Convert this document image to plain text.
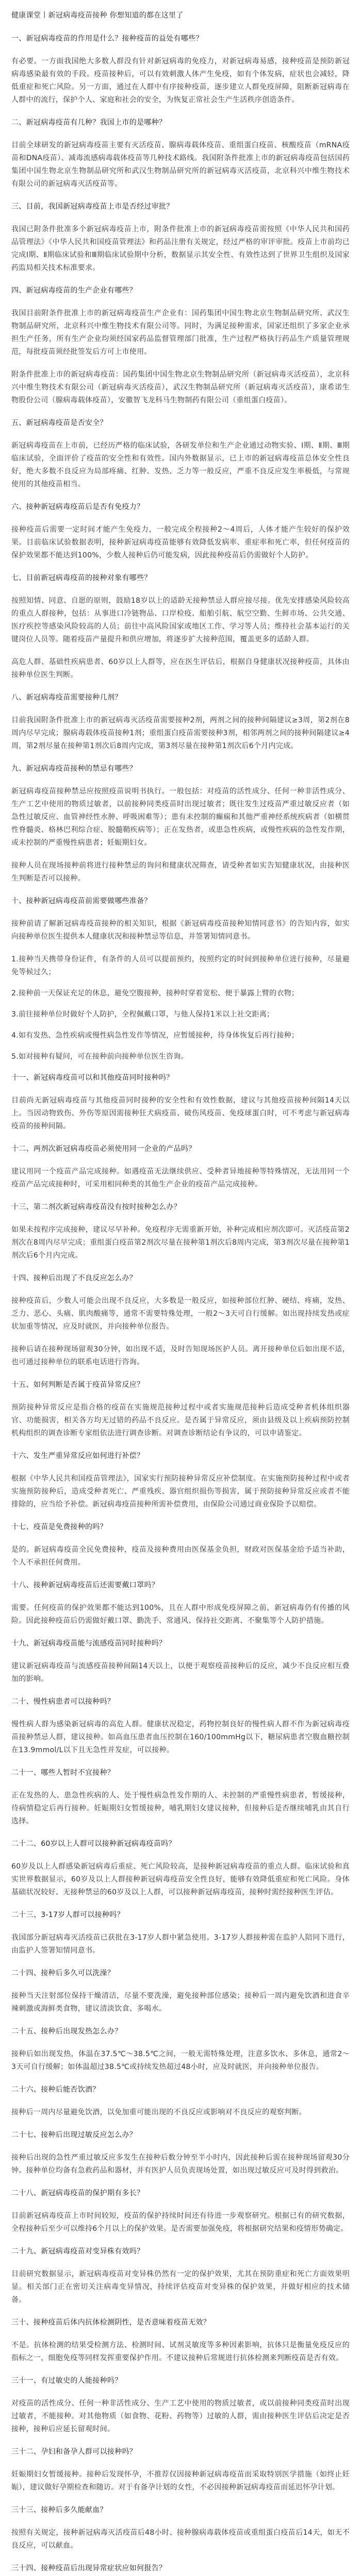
健康课堂丨新冠病毒疫苗接种 你想知道的都在这里了

一、新冠病毒疫苗的作用是什么？接种疫苗的益处有哪些？

有必要。一方面我国绝大多数人群没有针对新冠病毒的免疫力，对新冠病毒易感，接种疫苗是预防新冠病毒感染最有效的手段。疫苗接种后，可以有效刺激人体产生免疫，如有个体发病，症状也会减轻，降低重症和死亡风险。另一方面，通过在人群中有序接种疫苗，逐步建立人群免疫屏障，阻断新冠病毒在人群中的流行，保护个人、家庭和社会的安全，为恢复正常社会生产生活秩序创造条件。

二、新冠病毒疫苗有几种？我国上市的是哪种？

目前全球研发的新冠病毒疫苗主要有灭活疫苗、腺病毒载体疫苗、重组蛋白疫苗、核酸疫苗（mRNA疫苗和DNA疫苗）、减毒流感病毒载体疫苗等几种技术路线。我国附条件批准上市的新冠病毒疫苗包括国药集团中国生物北京生物制品研究所和武汉生物制品研究所的新冠病毒灭活疫苗，北京科兴中维生物技术有限公司的新冠病毒灭活疫苗等。

三、目前，我国新冠病毒疫苗上市是否经过审批？

我国已附条件批准多个新冠病毒疫苗上市，附条件批准上市的新冠病毒疫苗需按照《中华人民共和国药品管理法》《中华人民共和国疫苗管理法》和药品注册有关规定，经过严格的审评审批。疫苗上市前均已完成Ⅰ期、Ⅱ期临床试验和Ⅲ期临床试验期中分析，数据显示其安全性、有效性达到了世界卫生组织及国家药监局相关技术标准要求。

四、新冠病毒疫苗的生产企业有哪些？

我国目前附条件批准上市的新冠病毒疫苗生产企业有：国药集团中国生物北京生物制品研究所、武汉生物制品研究所，北京科兴中维生物技术有限公司等。同时，为满足接种需求，国家还组织了多家企业承担生产任务，所有生产企业均须经国家药品监督管理部门批准，生产过程严格执行药品生产质量管理规范，每批疫苗须经批签发后方可上市使用。

附条件批准上市的新冠病毒疫苗：国药集团中国生物北京生物制品研究所（新冠病毒灭活疫苗），北京科兴中维生物技术有限公司（新冠病毒灭活疫苗），武汉生物制品研究所（新冠病毒灭活疫苗），康希诺生物股份公司（腺病毒载体疫苗），安徽智飞龙科马生物制药有限公司（重组蛋白疫苗）。

五、新冠病毒疫苗是否安全？

新冠病毒疫苗在上市前，已经历严格的临床试验，各研发单位和生产企业通过动物实验、Ⅰ期、Ⅱ期、Ⅲ期临床试验，全面评价了疫苗的安全性和有效性。国内外数据显示，已上市的新冠病毒疫苗总体安全性良好，绝大多数不良反应为局部疼痛、红肿、发热、乏力等一般反应，严重不良反应发生率极低，与常规使用的其他疫苗相当。

六、接种新冠病毒疫苗后是否有免疫力？

接种疫苗后需要一定时间才能产生免疫力，一般完成全程接种2～4周后，人体才能产生较好的保护效果。目前临床试验数据表明，接种新冠病毒疫苗能够有效降低发病率、重症率和死亡率，但任何疫苗的保护效果都不能达到100%，少数人接种后仍可能发病，因此接种疫苗后仍需做好个人防护。

七、目前新冠病毒疫苗的接种对象有哪些？

按照知情、同意、自愿的原则，鼓励18岁以上的适龄无接种禁忌人群应接尽接。优先安排感染风险较高的重点人群接种，包括：从事进口冷链物品、口岸检疫、船舶引航、航空空勤、生鲜市场、公共交通、医疗疾控等感染风险较高的人员；前往中高风险国家或地区工作、学习等人员；维持社会基本运行的关键岗位人员等。随着疫苗产量提升和供应增加，将逐步扩大接种范围，覆盖更多的适龄人群。

高危人群、基础性疾病患者、60岁以上人群等，应在医生评估后，根据自身健康状况接种疫苗，具体由接种单位医生判断。

八、新冠病毒疫苗需要接种几剂？

目前我国附条件批准上市的新冠病毒灭活疫苗需要接种2剂，两剂之间的接种间隔建议≥3周，第2剂在8周内尽早完成；腺病毒载体疫苗接种1剂；重组蛋白疫苗需要接种3剂，相邻两剂之间的接种间隔建议≥4周，第2剂尽量在接种第1剂次后8周内完成，第3剂尽量在接种第1剂次后6个月内完成。

九、新冠病毒疫苗接种的禁忌有哪些？

新冠病毒疫苗接种禁忌应按照疫苗说明书执行。一般包括：对疫苗的活性成分、任何一种非活性成分、生产工艺中使用的物质过敏者，以前接种同类疫苗时出现过敏者；既往发生过疫苗严重过敏反应者（如急性过敏反应、血管神经性水肿、呼吸困难等）；患有未控制的癫痫和其他严重神经系统疾病者（如横贯性脊髓炎、格林巴利综合症、脱髓鞘疾病等）；正在发热者，或患急性疾病，或慢性疾病的急性发作期，或未控制的严重慢性病患者；妊娠期妇女。

接种人员在现场接种前将进行接种禁忌的询问和健康状况筛查，请受种者如实告知健康状况，由接种医生判断是否可以接种。

十、接种新冠病毒疫苗前需要做哪些准备？

接种前请了解新冠病毒疫苗接种的相关知识，根据《新冠病毒疫苗接种知情同意书》的告知内容，如实向接种单位医生提供本人健康状况和接种禁忌等信息，并签署知情同意书。

1.接种当天携带身份证件，有条件的人员可以提前预约，按照约定的时间到接种单位进行接种，尽量避免等候过久；

2.接种前一天保证充足的休息，避免空腹接种，接种时穿着宽松、便于暴露上臂的衣物；

3.前往接种单位时做好个人防护，全程佩戴口罩，与他人保持1米以上社交距离；

4.如有发热、急性疾病或慢性病急性发作等情况，应暂缓接种，待身体恢复后再行接种；

5.如对接种有疑问，可在接种前向接种单位医生咨询。

十一、新冠病毒疫苗可以和其他疫苗同时接种吗？

目前尚无新冠病毒疫苗与其他疫苗同时接种的安全性和有效性数据，建议与其他疫苗接种间隔14天以上。当因动物致伤、外伤等原因需接种狂犬病疫苗、破伤风疫苗、免疫球蛋白时，可不考虑与新冠病毒疫苗的接种间隔。

十二、两剂次新冠病毒疫苗必须使用同一企业的产品吗？

建议用同一个疫苗产品完成接种。如遇疫苗无法继续供应、受种者异地接种等特殊情况，无法用同一个疫苗产品完成接种时，可采用相同种类的其他生产企业的疫苗产品完成接种。

十三、第二剂次新冠病毒疫苗没有按时接种怎么办？

如果未按程序完成接种，建议尽早补种。免疫程序无需重新开始，补种完成相应剂次即可。灭活疫苗第2剂次在8周内尽早完成；重组蛋白疫苗第2剂次尽量在接种第1剂次后8周内完成，第3剂次尽量在接种第1剂次后6个月内完成。

十四、接种后出现了不良反应怎么办？

接种疫苗后，少数人可能会出现不良反应，大多数是一般反应，如接种部位红肿、硬结、疼痛，发热、乏力、恶心、头痛、肌肉酸痛等，通常不需要特殊处理，一般2～3天可自行缓解。如出现持续发热或症状加重等情况，应及时就医，并向接种单位报告。

接种后请在接种现场留观30分钟，如出现不适，及时告知现场医护人员。离开接种单位后如出现不适，也可通过接种单位的联系电话进行咨询。

十五、如何判断是否属于疫苗异常反应？

预防接种异常反应是指合格的疫苗在实施规范接种过程中或者实施规范接种后造成受种者机体组织器官、功能损害，相关各方均无过错的药品不良反应。是否属于异常反应，须由县级及以上疾病预防控制机构组织的调查诊断专家组依法进行调查诊断。对调查诊断结论有争议的，可以申请鉴定。

十六、发生严重异常反应如何进行补偿？

根据《中华人民共和国疫苗管理法》，国家实行预防接种异常反应补偿制度。在实施预防接种过程中或者实施预防接种后，造成受种者死亡、严重残疾、器官组织损伤等损害，属于预防接种异常反应或者不能排除的，应当给予补偿。新冠病毒疫苗接种所需补偿费用，由保险公司通过商业保险予以赔偿。

十七、疫苗是免费接种的吗？

是的。新冠病毒疫苗全民免费接种，疫苗及接种费用由医保基金负担，财政对医保基金给予适当补助，个人不承担任何费用。

十八、接种新冠病毒疫苗后还需要戴口罩吗？

需要。任何疫苗的保护效果都不能达到100%，且在人群中形成免疫屏障之前，新冠病毒仍有传播的风险。因此接种疫苗后仍需做好戴口罩、勤洗手、常通风、保持社交距离、不聚集等个人防护措施。

十九、新冠病毒疫苗能与流感疫苗同时接种吗？

建议新冠病毒疫苗与流感疫苗接种间隔14天以上，以便于观察疫苗接种后的反应，减少不良反应相互叠加的影响。

二十、慢性病患者可以接种吗？

慢性病人群为感染新冠病毒的高危人群。健康状况稳定，药物控制良好的慢性病人群不作为新冠病毒疫苗接种禁忌人群，建议接种。如高血压患者血压控制在160/100mmHg以下，糖尿病患者空腹血糖控制在13.9mmol/L以下且无急性并发症，可以接种。

二十一、哪些人暂时不宜接种？

正在发热的人、患急性疾病的人、处于慢性病急性发作期的人、未控制的严重慢性病患者，暂缓接种，待病情稳定后再行接种。妊娠期妇女暂缓接种，哺乳期妇女建议接种，但接种后是否继续哺乳由其自行选择。

二十二、60岁以上人群可以接种新冠病毒疫苗吗？

60岁及以上人群感染新冠病毒后重症、死亡风险较高，是接种新冠病毒疫苗的重点人群。临床试验和真实世界数据显示，60岁及以上人群接种新冠病毒疫苗安全性良好，能够有效降低重症和死亡风险。身体基础状况较好、无接种禁忌的60岁及以上人群，可以接种新冠病毒疫苗，接种时需经接种医生评估。

二十三、3-17岁人群可以接种吗？

我国部分新冠病毒灭活疫苗已获批在3-17岁人群中紧急使用。3-17岁人群接种需在监护人陪同下进行，由监护人签署知情同意书。

二十四、接种后多久可以洗澡？

接种当天注射部位保持干燥清洁，尽量不要洗澡，避免接种部位感染；接种后一周内避免饮酒和进食辛辣刺激或海鲜类食物，建议清淡饮食、多喝水。

二十五、接种后出现发热怎么办？

接种后如出现发热，体温在37.5℃～38.5℃之间，一般无需特殊处理，注意多饮水、多休息，通常2～3天可自行缓解；如体温超过38.5℃或持续发热超过48小时，应及时就医，并向接种单位报告。

二十六、接种后能否饮酒？

接种后一周内尽量避免饮酒，以免加重可能出现的不良反应或影响对不良反应的观察判断。

二十七、接种后出现过敏反应怎么办？

接种后出现的急性严重过敏反应多发生在接种后数分钟至半小时内，因此接种后需在接种现场留观30分钟。接种单位均备有急救药品和器材，并有医护人员负责现场处置，如出现过敏反应可及时得到救治。

二十八、新冠病毒疫苗的保护期有多长？

目前新冠病毒疫苗上市时间较短，疫苗的保护持续时间还有待进一步观察研究。根据已有的研究数据，全程接种后至少可以维持6个月以上的保护效果。是否需要加强免疫，将根据研究结果和疫情形势确定。

二十九、新冠病毒疫苗对变异株有效吗？

目前研究数据显示，新冠病毒疫苗对变异株仍然有一定的保护效果，尤其在预防重症和死亡方面效果明显。相关部门正在密切关注病毒变异情况，持续评估疫苗对变异株的保护效果，并做好相应的技术储备。

三十、接种疫苗后体内抗体检测阴性，是否意味着疫苗无效？

不是。抗体检测的结果受检测方法、检测时间、试剂灵敏度等多种因素影响，抗体只是衡量免疫反应的指标之一，细胞免疫等同样发挥重要保护作用。不建议接种后常规进行抗体检测来判断疫苗是否有效。

三十一、有过敏史的人能接种吗？

对疫苗的活性成分、任何一种非活性成分、生产工艺中使用的物质过敏者，或以前接种同类疫苗时出现过敏者，不能接种。对其他物质（如食物、花粉、药物等）过敏的人群，需由接种医生评估后决定是否接种，接种后应延长留观时间。

三十二、孕妇和备孕人群可以接种吗？

妊娠期妇女暂缓接种。接种后发现怀孕，不推荐仅因接种新冠病毒疫苗而采取特别医学措施（如终止妊娠），建议做好孕期检查和随访。对于有备孕计划的女性，不必因接种新冠病毒疫苗而延迟怀孕计划。

三十三、接种后多久能献血？

按照有关规定，接种新冠病毒灭活疫苗后48小时、接种腺病毒载体疫苗或重组蛋白疫苗后14天，如无不良反应，可以献血。

三十四、接种疫苗后出现异常症状应如何报告？
